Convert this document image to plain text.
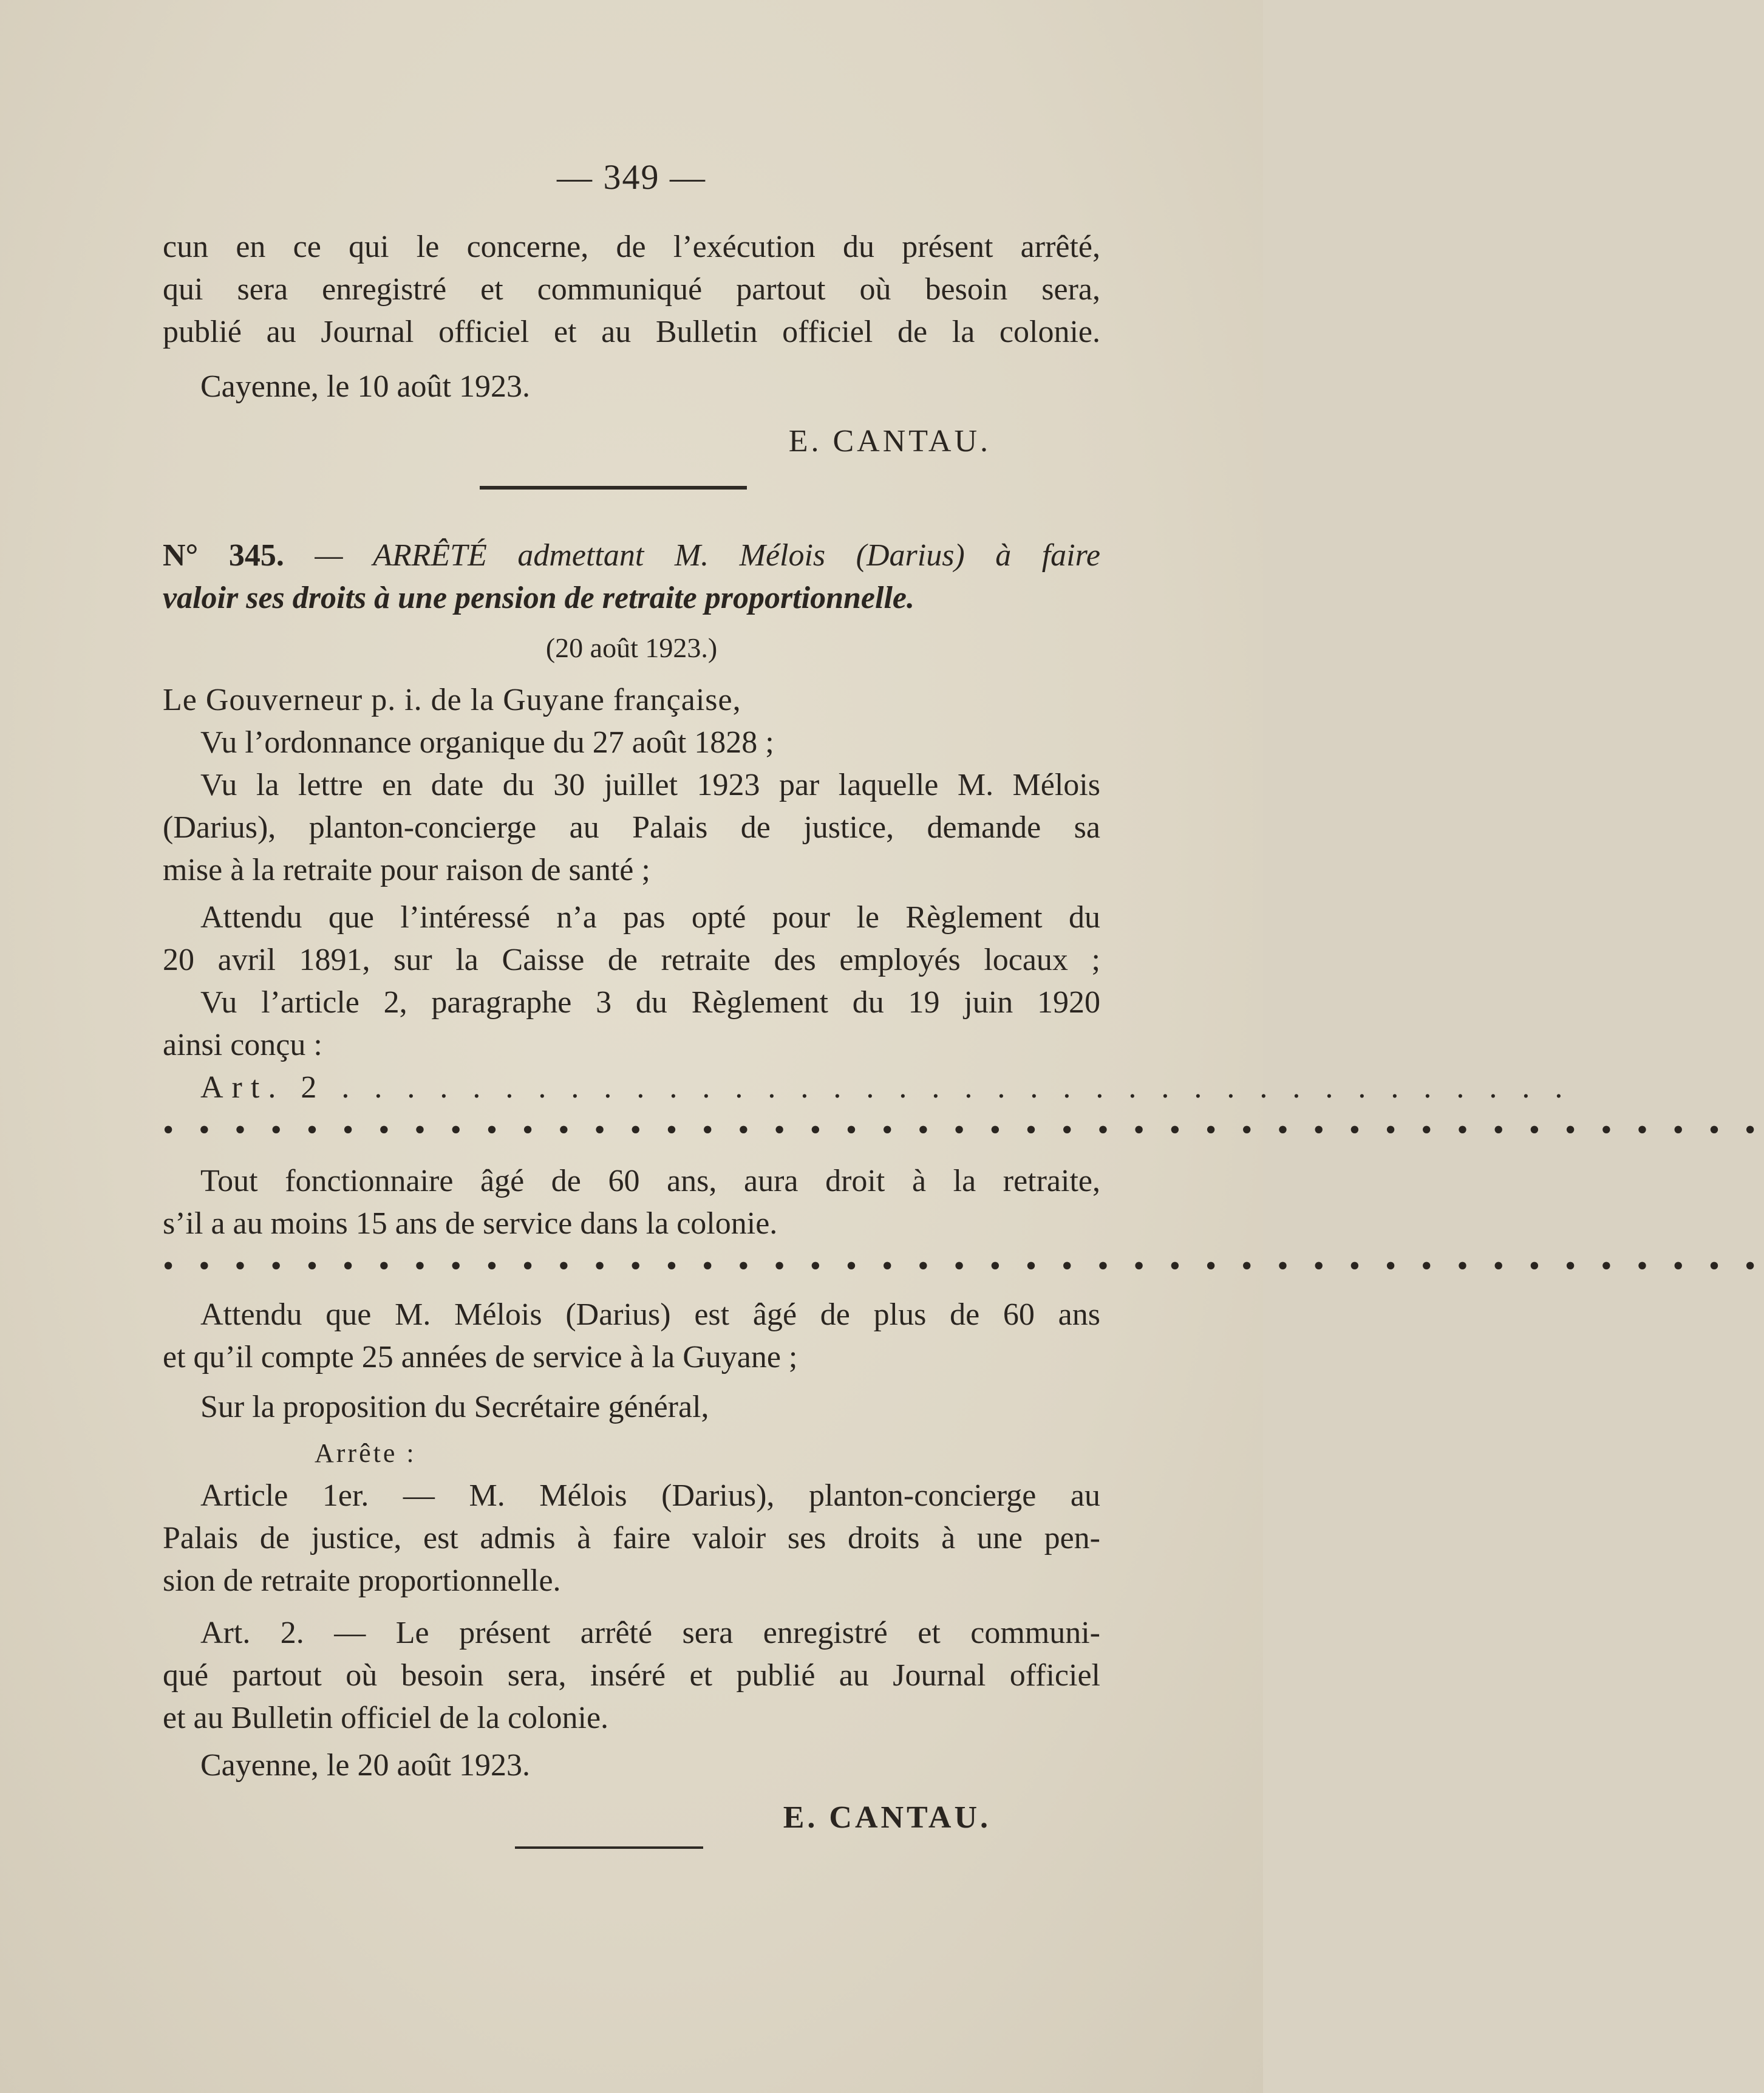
— 349 —
cun en ce qui le concerne, de l’exécution du présent arrêté,
qui sera enregistré et communiqué partout où besoin sera,
publié au Journal officiel et au Bulletin officiel de la colonie.
Cayenne, le 10 août 1923.
E. CANTAU.
N° 345. — ARRÊTÉ admettant M. Mélois (Darius) à faire
valoir ses droits à une pension de retraite proportionnelle.
(20 août 1923.)
Le Gouverneur p. i. de la Guyane française,
Vu l’ordonnance organique du 27 août 1828 ;
Vu la lettre en date du 30 juillet 1923 par laquelle M. Mélois
(Darius), planton-concierge au Palais de justice, demande sa
mise à la retraite pour raison de santé ;
Attendu que l’intéressé n’a pas opté pour le Règlement du
20 avril 1891, sur la Caisse de retraite des employés locaux ;
Vu l’article 2, paragraphe 3 du Règlement du 19 juin 1920
ainsi conçu :
Art. 2 . . . . . . . . . . . . . . . . . . . . . . . . . . . . . . . . . . . . . .
• • • • • • • • • • • • • • • • • • • • • • • • • • • • • • • • • • • • • • • • • • • • •
Tout fonctionnaire âgé de 60 ans, aura droit à la retraite,
s’il a au moins 15 ans de service dans la colonie.
• • • • • • • • • • • • • • • • • • • • • • • • • • • • • • • • • • • • • • • • • • • • •
Attendu que M. Mélois (Darius) est âgé de plus de 60 ans
et qu’il compte 25 années de service à la Guyane ;
Sur la proposition du Secrétaire général,
Arrête :
Article 1er. — M. Mélois (Darius), planton-concierge au
Palais de justice, est admis à faire valoir ses droits à une pen-
sion de retraite proportionnelle.
Art. 2. — Le présent arrêté sera enregistré et communi-
qué partout où besoin sera, inséré et publié au Journal officiel
et au Bulletin officiel de la colonie.
Cayenne, le 20 août 1923.
E. CANTAU.
